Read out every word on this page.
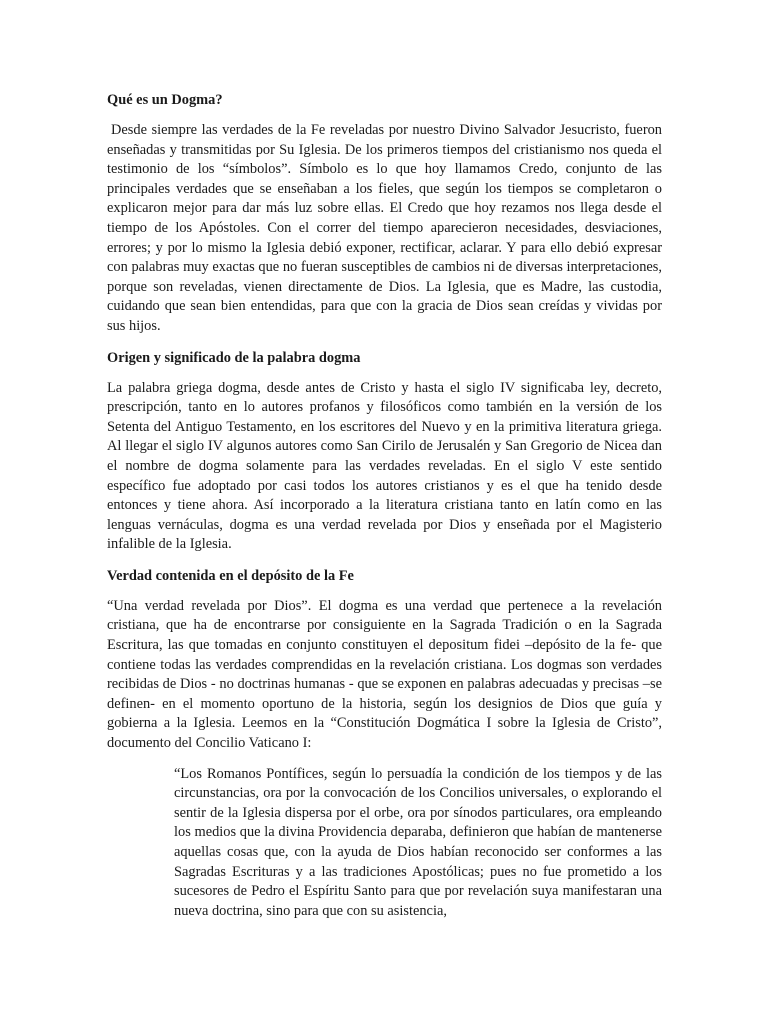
Qué es un Dogma?

Desde siempre las verdades de la Fe reveladas por nuestro Divino Salvador Jesucristo, fueron enseñadas y transmitidas por Su Iglesia. De los primeros tiempos del cristianismo nos queda el testimonio de los “símbolos”. Símbolo es lo que hoy llamamos Credo, conjunto de las principales verdades que se enseñaban a los fieles, que según los tiempos se completaron o explicaron mejor para dar más luz sobre ellas. El Credo que hoy rezamos nos llega desde el tiempo de los Apóstoles. Con el correr del tiempo aparecieron necesidades, desviaciones, errores; y por lo mismo la Iglesia debió exponer, rectificar, aclarar. Y para ello debió expresar con palabras muy exactas que no fueran susceptibles de cambios ni de diversas interpretaciones, porque son reveladas, vienen directamente de Dios. La Iglesia, que es Madre, las custodia, cuidando que sean bien entendidas, para que con la gracia de Dios sean creídas y vividas por sus hijos.

Origen y significado de la palabra dogma

La palabra griega dogma, desde antes de Cristo y hasta el siglo IV significaba ley, decreto, prescripción, tanto en lo autores profanos y filosóficos como también en la versión de los Setenta del Antiguo Testamento, en los escritores del Nuevo y en la primitiva literatura griega. Al llegar el siglo IV algunos autores como San Cirilo de Jerusalén y San Gregorio de Nicea dan el nombre de dogma solamente para las verdades reveladas. En el siglo V este sentido específico fue adoptado por casi todos los autores cristianos y es el que ha tenido desde entonces y tiene ahora. Así incorporado a la literatura cristiana tanto en latín como en las lenguas vernáculas, dogma es una verdad revelada por Dios y enseñada por el Magisterio infalible de la Iglesia.

Verdad contenida en el depósito de la Fe

“Una verdad revelada por Dios”. El dogma es una verdad que pertenece a la revelación cristiana, que ha de encontrarse por consiguiente en la Sagrada Tradición o en la Sagrada Escritura, las que tomadas en conjunto constituyen el depositum fidei –depósito de la fe- que contiene todas las verdades comprendidas en la revelación cristiana. Los dogmas son verdades recibidas de Dios - no doctrinas humanas - que se exponen en palabras adecuadas y precisas –se definen- en el momento oportuno de la historia, según los designios de Dios que guía y gobierna a la Iglesia. Leemos en la “Constitución Dogmática I sobre la Iglesia de Cristo”, documento del Concilio Vaticano I:

“Los Romanos Pontífices, según lo persuadía la condición de los tiempos y de las circunstancias, ora por la convocación de los Concilios universales, o explorando el sentir de la Iglesia dispersa por el orbe, ora por sínodos particulares, ora empleando los medios que la divina Providencia deparaba, definieron que habían de mantenerse aquellas cosas que, con la ayuda de Dios habían reconocido ser conformes a las Sagradas Escrituras y a las tradiciones Apostólicas; pues no fue prometido a los sucesores de Pedro el Espíritu Santo para que por revelación suya manifestaran una nueva doctrina, sino para que con su asistencia,
